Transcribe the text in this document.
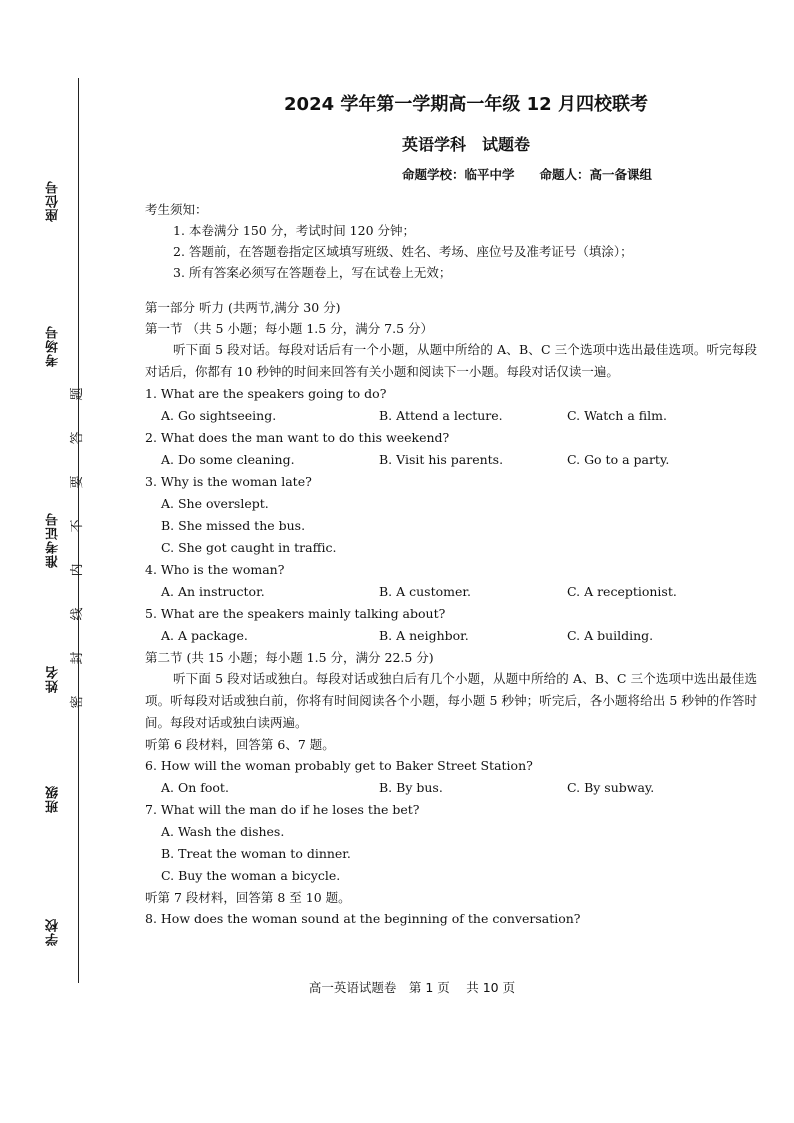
座位号
考场号
准考证号
姓名
班级
学校
题
答
要
不
内
线
封
密
2024 学年第一学期高一年级 12 月四校联考
英语学科　试题卷
命题学校：临平中学　　命题人：高一备课组
考生须知：
1. 本卷满分 150 分，考试时间 120 分钟；
2. 答题前，在答题卷指定区域填写班级、姓名、考场、座位号及准考证号（填涂）；
3. 所有答案必须写在答题卷上，写在试卷上无效；
第一部分 听力 (共两节,满分 30 分)
第一节 （共 5 小题；每小题 1.5 分，满分 7.5 分）
听下面 5 段对话。每段对话后有一个小题，从题中所给的 A、B、C 三个选项中选出最佳选项。听完每段对话后，你都有 10 秒钟的时间来回答有关小题和阅读下一小题。每段对话仅读一遍。
1. What are the speakers going to do?
A. Go sightseeing.	B. Attend a lecture.	C. Watch a film.
2. What does the man want to do this weekend?
A. Do some cleaning.	B. Visit his parents.	C. Go to a party.
3. Why is the woman late?
A. She overslept.
B. She missed the bus.
C. She got caught in traffic.
4. Who is the woman?
A. An instructor.	B. A customer.	C. A receptionist.
5. What are the speakers mainly talking about?
A. A package.	B. A neighbor.	C. A building.
第二节 (共 15 小题；每小题 1.5 分，满分 22.5 分)
听下面 5 段对话或独白。每段对话或独白后有几个小题，从题中所给的 A、B、C 三个选项中选出最佳选项。听每段对话或独白前，你将有时间阅读各个小题，每小题 5 秒钟；听完后，各小题将给出 5 秒钟的作答时间。每段对话或独白读两遍。
听第 6 段材料，回答第 6、7 题。
6. How will the woman probably get to Baker Street Station?
A. On foot.	B. By bus.	C. By subway.
7. What will the man do if he loses the bet?
A. Wash the dishes.
B. Treat the woman to dinner.
C. Buy the woman a bicycle.
听第 7 段材料，回答第 8 至 10 题。
8. How does the woman sound at the beginning of the conversation?
高一英语试题卷　第 1 页　 共 10 页
